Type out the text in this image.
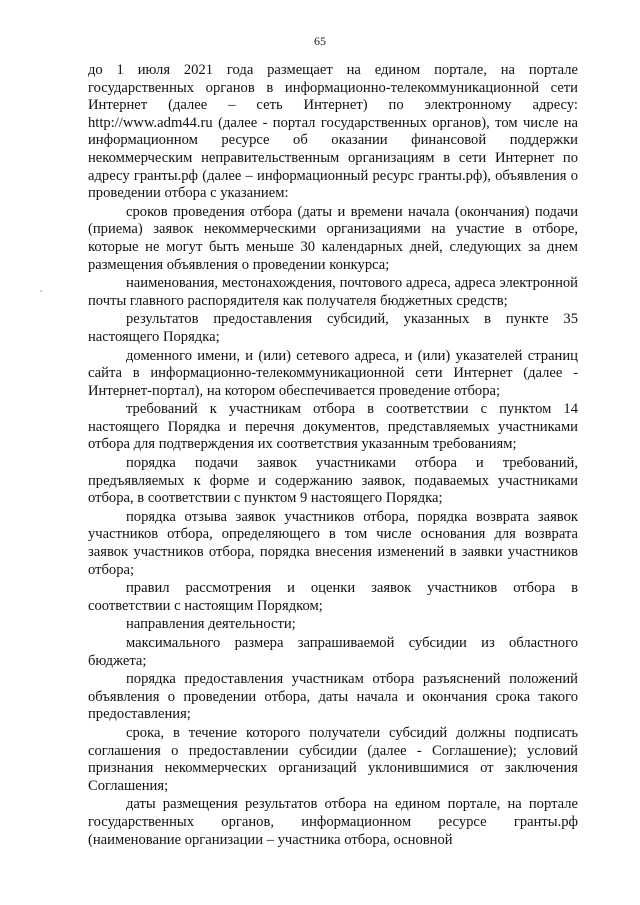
65

до 1 июля 2021 года размещает на едином портале, на портале государственных органов в информационно-телекоммуникационной сети Интернет (далее – сеть Интернет) по электронному адресу: http://www.adm44.ru (далее - портал государственных органов), том числе на информационном ресурсе об оказании финансовой поддержки некоммерческим неправительственным организациям в сети Интернет по адресу гранты.рф (далее – информационный ресурс гранты.рф), объявления о проведении отбора с указанием:

сроков проведения отбора (даты и времени начала (окончания) подачи (приема) заявок некоммерческими организациями на участие в отборе, которые не могут быть меньше 30 календарных дней, следующих за днем размещения объявления о проведении конкурса;

наименования, местонахождения, почтового адреса, адреса электронной почты главного распорядителя как получателя бюджетных средств;

результатов предоставления субсидий, указанных в пункте 35 настоящего Порядка;

доменного имени, и (или) сетевого адреса, и (или) указателей страниц сайта в информационно-телекоммуникационной сети Интернет (далее - Интернет-портал), на котором обеспечивается проведение отбора;

требований к участникам отбора в соответствии с пунктом 14 настоящего Порядка и перечня документов, представляемых участниками отбора для подтверждения их соответствия указанным требованиям;

порядка подачи заявок участниками отбора и требований, предъявляемых к форме и содержанию заявок, подаваемых участниками отбора, в соответствии с пунктом 9 настоящего Порядка;

порядка отзыва заявок участников отбора, порядка возврата заявок участников отбора, определяющего в том числе основания для возврата заявок участников отбора, порядка внесения изменений в заявки участников отбора;

правил рассмотрения и оценки заявок участников отбора в соответствии с настоящим Порядком;

направления деятельности;

максимального размера запрашиваемой субсидии из областного бюджета;

порядка предоставления участникам отбора разъяснений положений объявления о проведении отбора, даты начала и окончания срока такого предоставления;

срока, в течение которого получатели субсидий должны подписать соглашения о предоставлении субсидии (далее - Соглашение); условий признания некоммерческих организаций уклонившимися от заключения Соглашения;

даты размещения результатов отбора на едином портале, на портале государственных органов, информационном ресурсе гранты.рф (наименование организации – участника отбора, основной
